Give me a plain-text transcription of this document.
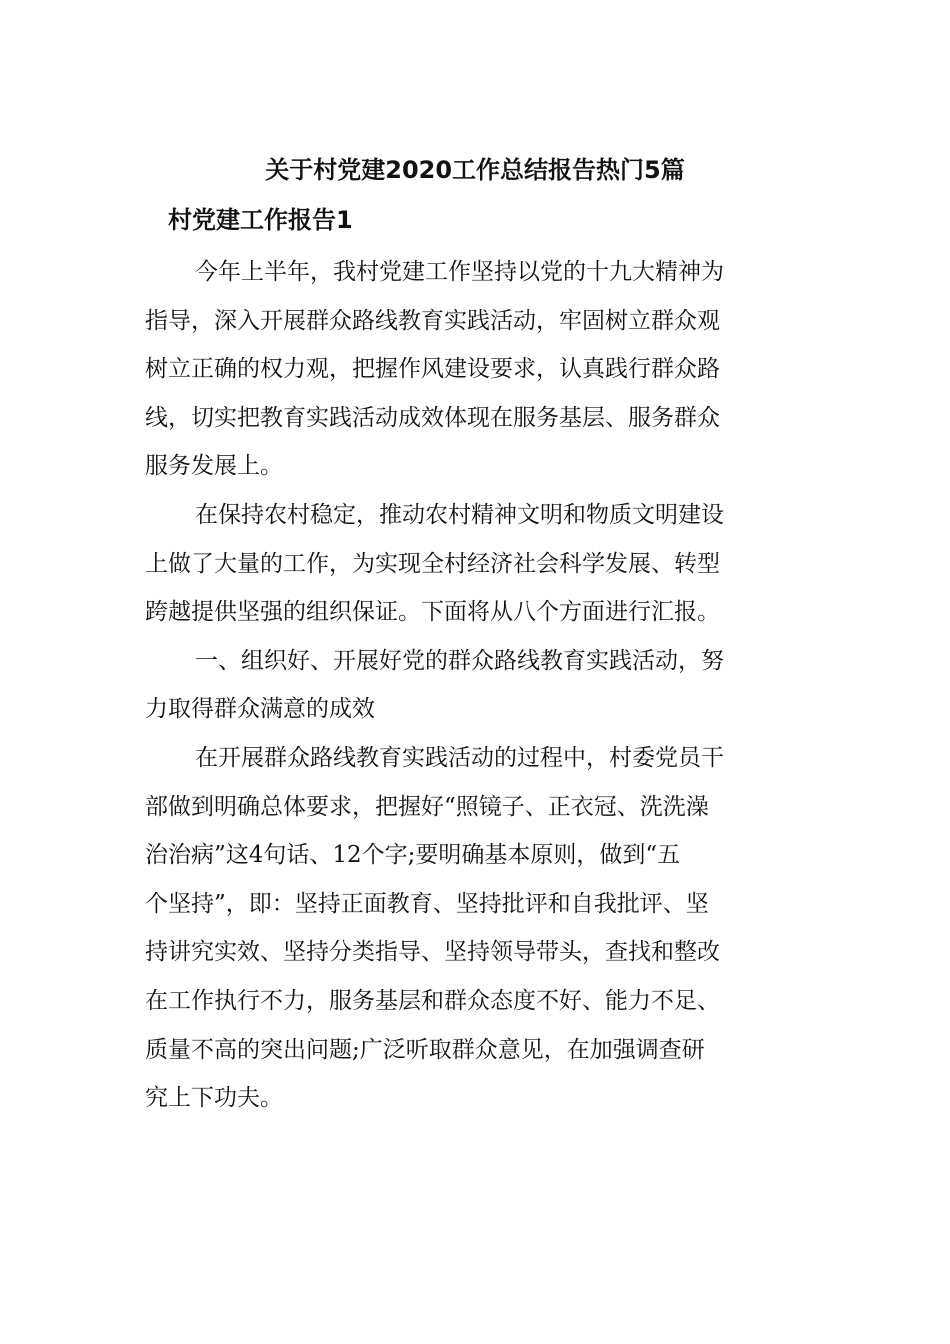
关于村党建2020工作总结报告热门5篇
村党建工作报告1

今年上半年，我村党建工作坚持以党的十九大精神为
指导，深入开展群众路线教育实践活动，牢固树立群众观
树立正确的权力观，把握作风建设要求，认真践行群众路
线，切实把教育实践活动成效体现在服务基层、服务群众
服务发展上。

在保持农村稳定，推动农村精神文明和物质文明建设
上做了大量的工作，为实现全村经济社会科学发展、转型
跨越提供坚强的组织保证。下面将从八个方面进行汇报。

一、组织好、开展好党的群众路线教育实践活动，努
力取得群众满意的成效

在开展群众路线教育实践活动的过程中，村委党员干
部做到明确总体要求，把握好“照镜子、正衣冠、洗洗澡
治治病”这4句话、12个字;要明确基本原则，做到“五
个坚持”，即：坚持正面教育、坚持批评和自我批评、坚
持讲究实效、坚持分类指导、坚持领导带头，查找和整改
在工作执行不力，服务基层和群众态度不好、能力不足、
质量不高的突出问题;广泛听取群众意见，在加强调查研
究上下功夫。
